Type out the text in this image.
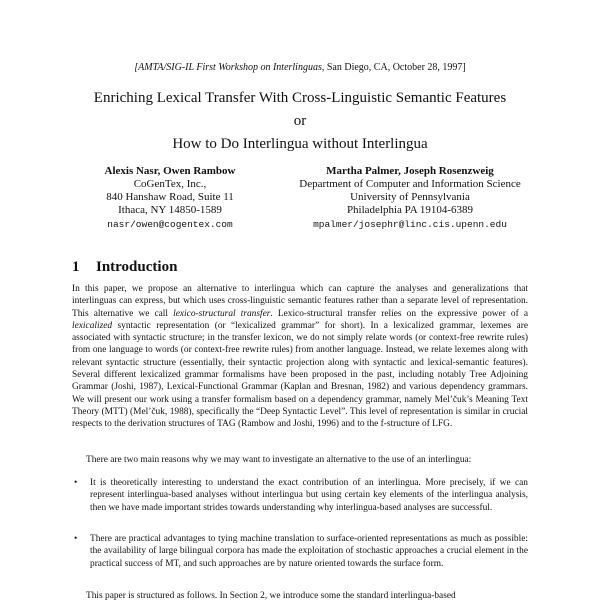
[AMTA/SIG-IL First Workshop on Interlinguas, San Diego, CA, October 28, 1997]
Enriching Lexical Transfer With Cross-Linguistic Semantic Features
or
How to Do Interlingua without Interlingua
Alexis Nasr, Owen Rambow
CoGenTex, Inc.,
840 Hanshaw Road, Suite 11
Ithaca, NY 14850-1589
nasr/owen@cogentex.com
Martha Palmer, Joseph Rosenzweig
Department of Computer and Information Science
University of Pennsylvania
Philadelphia PA 19104-6389
mpalmer/josephr@linc.cis.upenn.edu
1 Introduction
In this paper, we propose an alternative to interlingua which can capture the analyses and generalizations that interlinguas can express, but which uses cross-linguistic semantic features rather than a separate level of representation. This alternative we call lexico-structural transfer. Lexico-structural transfer relies on the expressive power of a lexicalized syntactic representation (or “lexicalized grammar” for short). In a lexicalized grammar, lexemes are associated with syntactic structure; in the transfer lexicon, we do not simply relate words (or context-free rewrite rules) from one language to words (or context-free rewrite rules) from another language. Instead, we relate lexemes along with relevant syntactic structure (essentially, their syntactic projection along with syntactic and lexical-semantic features). Several different lexicalized grammar formalisms have been proposed in the past, including notably Tree Adjoining Grammar (Joshi, 1987), Lexical-Functional Grammar (Kaplan and Bresnan, 1982) and various dependency grammars. We will present our work using a transfer formalism based on a dependency grammar, namely Mel’čuk’s Meaning Text Theory (MTT) (Mel’čuk, 1988), specifically the “Deep Syntactic Level”. This level of representation is similar in crucial respects to the derivation structures of TAG (Rambow and Joshi, 1996) and to the f-structure of LFG.
There are two main reasons why we may want to investigate an alternative to the use of an interlingua:
•	It is theoretically interesting to understand the exact contribution of an interlingua. More precisely, if we can represent interlingua-based analyses without interlingua but using certain key elements of the interlingua analysis, then we have made important strides towards understanding why interlingua-based analyses are successful.
•	There are practical advantages to tying machine translation to surface-oriented representations as much as possible: the availability of large bilingual corpora has made the exploitation of stochastic approaches a crucial element in the practical success of MT, and such approaches are by nature oriented towards the surface form.
This paper is structured as follows. In Section 2, we introduce some the standard interlingua-based
